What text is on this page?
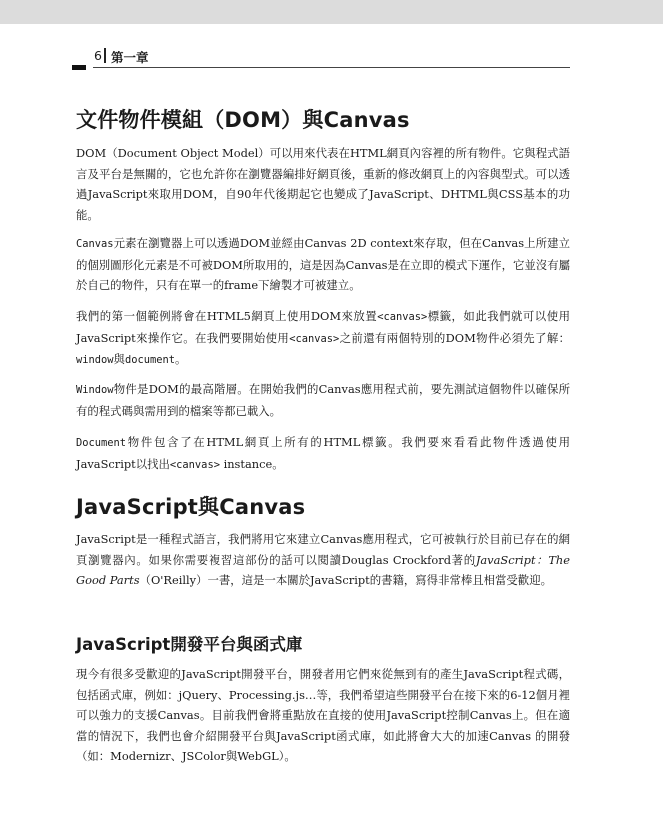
6 第一章
文件物件模組（DOM）與Canvas
DOM（Document Object Model）可以用來代表在HTML網頁內容裡的所有物件。它與程式語言及平台是無關的，它也允許你在瀏覽器編排好網頁後，重新的修改網頁上的內容與型式。可以透過JavaScript來取用DOM，自90年代後期起它也變成了JavaScript、DHTML與CSS基本的功能。
Canvas元素在瀏覽器上可以透過DOM並經由Canvas 2D context來存取，但在Canvas上所建立的個別圖形化元素是不可被DOM所取用的，這是因為Canvas是在立即的模式下運作，它並沒有屬於自己的物件，只有在單一的frame下繪製才可被建立。
我們的第一個範例將會在HTML5網頁上使用DOM來放置<canvas>標籤，如此我們就可以使用JavaScript來操作它。在我們要開始使用<canvas>之前還有兩個特別的DOM物件必須先了解：window與document。
Window物件是DOM的最高階層。在開始我們的Canvas應用程式前，要先測試這個物件以確保所有的程式碼與需用到的檔案等都已載入。
Document物件包含了在HTML網頁上所有的HTML標籤。我們要來看看此物件透過使用JavaScript以找出<canvas> instance。
JavaScript與Canvas
JavaScript是一種程式語言，我們將用它來建立Canvas應用程式，它可被執行於目前已存在的網頁瀏覽器內。如果你需要複習這部份的話可以閱讀Douglas Crockford著的JavaScript：The Good Parts（O'Reilly）一書，這是一本關於JavaScript的書籍，寫得非常棒且相當受歡迎。
JavaScript開發平台與函式庫
現今有很多受歡迎的JavaScript開發平台，開發者用它們來從無到有的產生JavaScript程式碼，包括函式庫，例如：jQuery、Processing.js…等，我們希望這些開發平台在接下來的6-12個月裡可以強力的支援Canvas。目前我們會將重點放在直接的使用JavaScript控制Canvas上。但在適當的情況下，我們也會介紹開發平台與JavaScript函式庫，如此將會大大的加速Canvas 的開發（如：Modernizr、JSColor與WebGL）。
